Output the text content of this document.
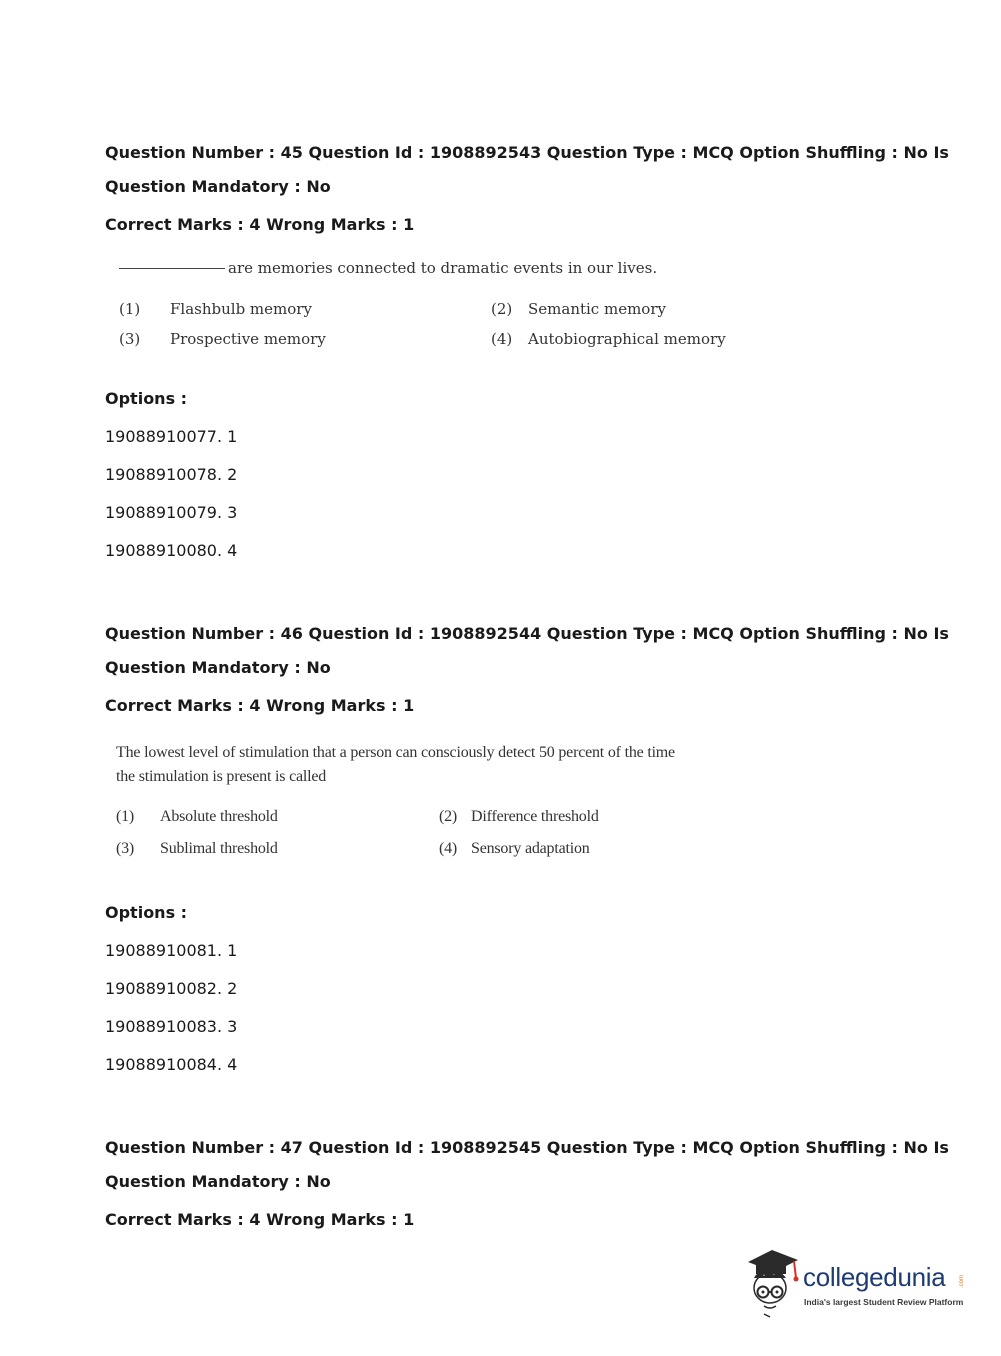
Question Number : 45 Question Id : 1908892543 Question Type : MCQ Option Shuffling : No Is
Question Mandatory : No
Correct Marks : 4 Wrong Marks : 1
are memories connected to dramatic events in our lives.
(1) Flashbulb memory	(2) Semantic memory
(3) Prospective memory	(4) Autobiographical memory
Options :
19088910077. 1
19088910078. 2
19088910079. 3
19088910080. 4
Question Number : 46 Question Id : 1908892544 Question Type : MCQ Option Shuffling : No Is
Question Mandatory : No
Correct Marks : 4 Wrong Marks : 1
The lowest level of stimulation that a person can consciously detect 50 percent of the time
the stimulation is present is called
(1) Absolute threshold	(2) Difference threshold
(3) Sublimal threshold	(4) Sensory adaptation
Options :
19088910081. 1
19088910082. 2
19088910083. 3
19088910084. 4
Question Number : 47 Question Id : 1908892545 Question Type : MCQ Option Shuffling : No Is
Question Mandatory : No
Correct Marks : 4 Wrong Marks : 1
collegedunia .com
India's largest Student Review Platform
